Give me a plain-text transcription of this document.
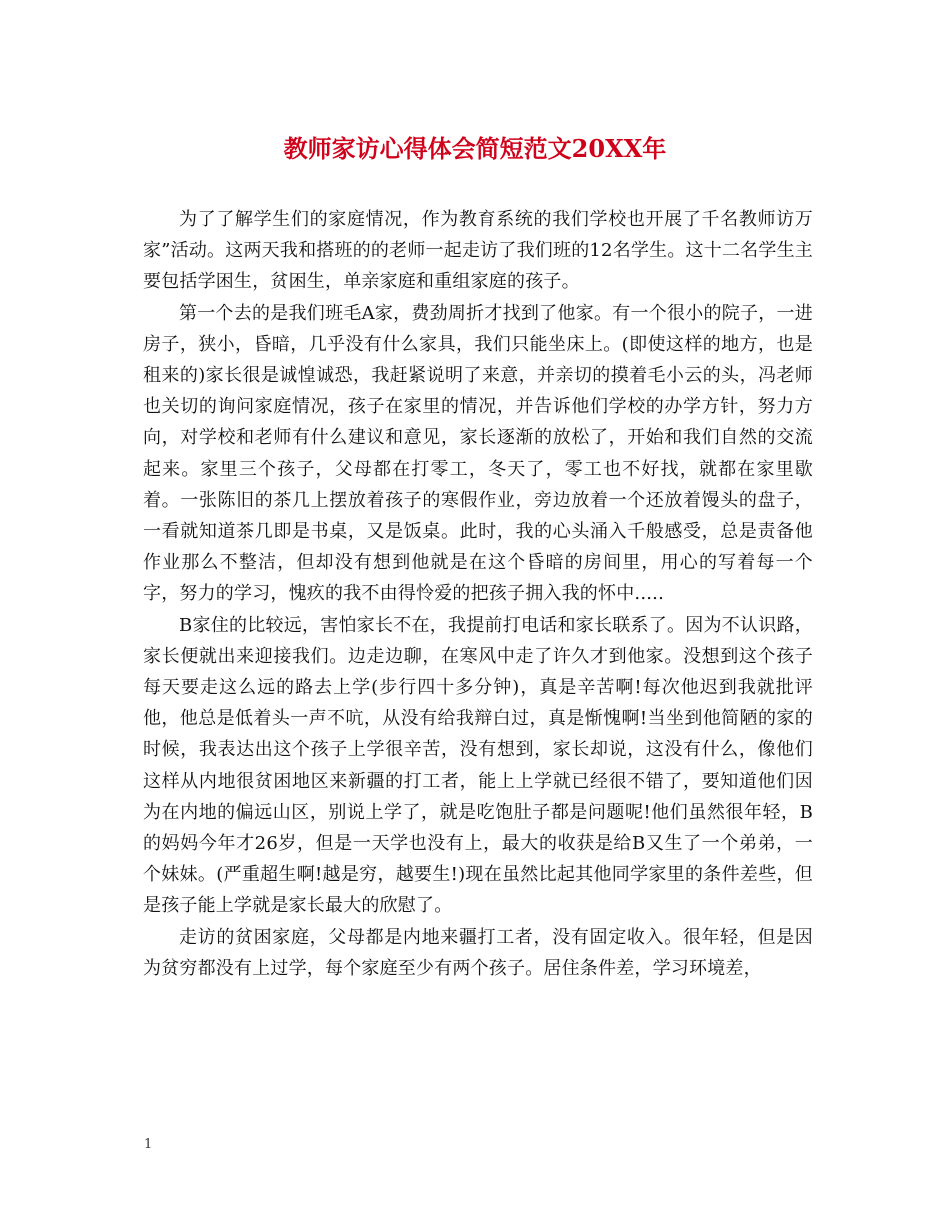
教师家访心得体会简短范文20XX年

为了了解学生们的家庭情况，作为教育系统的我们学校也开展了千名教师访万家”活动。这两天我和搭班的的老师一起走访了我们班的12名学生。这十二名学生主要包括学困生，贫困生，单亲家庭和重组家庭的孩子。

第一个去的是我们班毛A家，费劲周折才找到了他家。有一个很小的院子，一进房子，狭小，昏暗，几乎没有什么家具，我们只能坐床上。(即使这样的地方，也是租来的)家长很是诚惶诚恐，我赶紧说明了来意，并亲切的摸着毛小云的头，冯老师也关切的询问家庭情况，孩子在家里的情况，并告诉他们学校的办学方针，努力方向，对学校和老师有什么建议和意见，家长逐渐的放松了，开始和我们自然的交流起来。家里三个孩子，父母都在打零工，冬天了，零工也不好找，就都在家里歇着。一张陈旧的茶几上摆放着孩子的寒假作业，旁边放着一个还放着馒头的盘子，一看就知道茶几即是书桌，又是饭桌。此时，我的心头涌入千般感受，总是责备他作业那么不整洁，但却没有想到他就是在这个昏暗的房间里，用心的写着每一个字，努力的学习，愧疚的我不由得怜爱的把孩子拥入我的怀中.....

B家住的比较远，害怕家长不在，我提前打电话和家长联系了。因为不认识路，家长便就出来迎接我们。边走边聊，在寒风中走了许久才到他家。没想到这个孩子每天要走这么远的路去上学(步行四十多分钟)，真是辛苦啊!每次他迟到我就批评他，他总是低着头一声不吭，从没有给我辩白过，真是惭愧啊!当坐到他简陋的家的时候，我表达出这个孩子上学很辛苦，没有想到，家长却说，这没有什么，像他们这样从内地很贫困地区来新疆的打工者，能上上学就已经很不错了，要知道他们因为在内地的偏远山区，别说上学了，就是吃饱肚子都是问题呢!他们虽然很年轻，B的妈妈今年才26岁，但是一天学也没有上，最大的收获是给B又生了一个弟弟，一个妹妹。(严重超生啊!越是穷，越要生!)现在虽然比起其他同学家里的条件差些，但是孩子能上学就是家长最大的欣慰了。

走访的贫困家庭，父母都是内地来疆打工者，没有固定收入。很年轻，但是因为贫穷都没有上过学，每个家庭至少有两个孩子。居住条件差，学习环境差，

1
